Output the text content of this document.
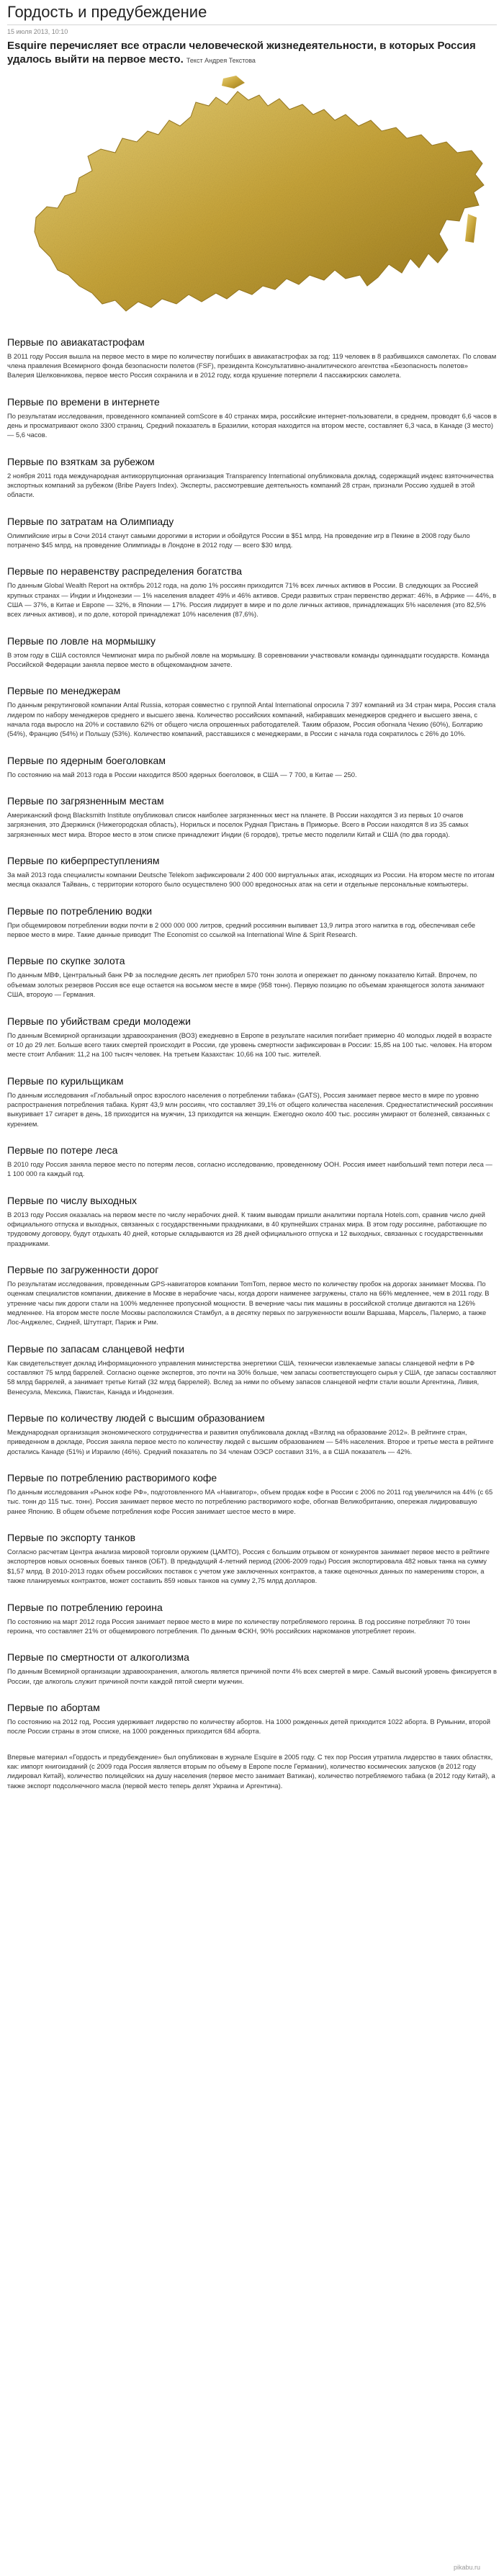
Гордость и предубеждение
15 июля 2013, 10:10

Esquire перечисляет все отрасли человеческой жизнедеятельности, в которых Россия удалось выйти на первое место. Текст Андрея Текстова

Первые по авиакатастрофам

В 2011 году Россия вышла на первое место в мире по количеству погибших в авиакатастрофах за год: 119 человек в 8 разбившихся самолетах. По словам члена правления Всемирного фонда безопасности полетов (FSF), президента Консультативно-аналитического агентства «Безопасность полетов» Валерия Шелковникова, первое место Россия сохранила и в 2012 году, когда крушение потерпели 4 пассажирских самолета.

Первые по времени в интернете

По результатам исследования, проведенного компанией comScore в 40 странах мира, российские интернет-пользователи, в среднем, проводят 6,6 часов в день и просматривают около 3300 страниц. Средний показатель в Бразилии, которая находится на втором месте, составляет 6,3 часа, в Канаде (3 место) — 5,6 часов.

Первые по взяткам за рубежом

2 ноября 2011 года международная антикоррупционная организация Transparency International опубликовала доклад, содержащий индекс взяточничества экспортных компаний за рубежом (Bribe Payers Index). Эксперты, рассмотревшие деятельность компаний 28 стран, признали Россию худшей в этой области.

Первые по затратам на Олимпиаду

Олимпийские игры в Сочи 2014 станут самыми дорогими в истории и обойдутся России в $51 млрд. На проведение игр в Пекине в 2008 году было потрачено $45 млрд, на проведение Олимпиады в Лондоне в 2012 году — всего $30 млрд.

Первые по неравенству распределения богатства

По данным Global Wealth Report на октябрь 2012 года, на долю 1% россиян приходится 71% всех личных активов в России. В следующих за Россией крупных странах — Индии и Индонезии — 1% населения владеет 49% и 46% активов. Среди развитых стран первенство держат: 46%, в Африке — 44%, в США — 37%, в Китае и Европе — 32%, в Японии — 17%. Россия лидирует в мире и по доле личных активов, принадлежащих 5% населения (это 82,5% всех личных активов), и по доле, которой принадлежат 10% населения (87,6%).

Первые по ловле на мормышку

В этом году в США состоялся Чемпионат мира по рыбной ловле на мормышку. В соревновании участвовали команды одиннадцати государств. Команда Российской Федерации заняла первое место в общекомандном зачете.

Первые по менеджерам

По данным рекрутинговой компании Antal Russia, которая совместно с группой Antal International опросила 7 397 компаний из 34 стран мира, Россия стала лидером по набору менеджеров среднего и высшего звена. Количество российских компаний, набиравших менеджеров среднего и высшего звена, с начала года выросло на 20% и составило 62% от общего числа опрошенных работодателей. Таким образом, Россия обогнала Чехию (60%), Болгарию (54%), Францию (54%) и Польшу (53%). Количество компаний, расставшихся с менеджерами, в России с начала года сократилось с 26% до 10%.

Первые по ядерным боеголовкам

По состоянию на май 2013 года в России находится 8500 ядерных боеголовок, в США — 7 700, в Китае — 250.

Первые по загрязненным местам

Американский фонд Blacksmith Institute опубликовал список наиболее загрязненных мест на планете. В России находятся 3 из первых 10 очагов загрязнения, это Дзержинск (Нижегородская область), Норильск и поселок Рудная Пристань в Приморье. Всего в России находятся 8 из 35 самых загрязненных мест мира. Второе место в этом списке принадлежит Индии (6 городов), третье место поделили Китай и США (по два города).

Первые по киберпреступлениям

За май 2013 года специалисты компании Deutsche Telekom зафиксировали 2 400 000 виртуальных атак, исходящих из России. На втором месте по итогам месяца оказался Тайвань, с территории которого было осуществлено 900 000 вредоносных атак на сети и отдельные персональные компьютеры.

Первые по потреблению водки

При общемировом потреблении водки почти в 2 000 000 000 литров, средний россиянин выпивает 13,9 литра этого напитка в год, обеспечивая себе первое место в мире. Такие данные приводит The Economist со ссылкой на International Wine & Spirit Research.

Первые по скупке золота

По данным МВФ, Центральный банк РФ за последние десять лет приобрел 570 тонн золота и опережает по данному показателю Китай. Впрочем, по объемам золотых резервов Россия все еще остается на восьмом месте в мире (958 тонн). Первую позицию по объемам хранящегося золота занимают США, второую — Германия.

Первые по убийствам среди молодежи

По данным Всемирной организации здравоохранения (ВОЗ) ежедневно в Европе в результате насилия погибает примерно 40 молодых людей в возрасте от 10 до 29 лет. Больше всего таких смертей происходит в России, где уровень смертности зафиксирован в России: 15,85 на 100 тыс. человек. На втором месте стоит Албания: 11,2 на 100 тысяч человек. На третьем Казахстан: 10,66 на 100 тыс. жителей.

Первые по курильщикам

По данным исследования «Глобальный опрос взрослого населения о потреблении табака» (GATS), Россия занимает первое место в мире по уровню распространения потребления табака. Курят 43,9 млн россиян, что составляет 39,1% от общего количества населения. Среднестатистический россиянин выкуривает 17 сигарет в день, 18 приходится на мужчин, 13 приходится на женщин. Ежегодно около 400 тыс. россиян умирают от болезней, связанных с курением.

Первые по потере леса

В 2010 году Россия заняла первое место по потерям лесов, согласно исследованию, проведенному ООН. Россия имеет наибольший темп потери леса — 1 100 000 га каждый год.

Первые по числу выходных

В 2013 году Россия оказалась на первом месте по числу нерабочих дней. К таким выводам пришли аналитики портала Hotels.com, сравнив число дней официального отпуска и выходных, связанных с государственными праздниками, в 40 крупнейших странах мира. В этом году россияне, работающие по трудовому договору, будут отдыхать 40 дней, которые складываются из 28 дней официального отпуска и 12 выходных, связанных с государственными праздниками.

Первые по загруженности дорог

По результатам исследования, проведенным GPS-навигаторов компании TomTom, первое место по количеству пробок на дорогах занимает Москва. По оценкам специалистов компании, движение в Москве в нерабочие часы, когда дороги наименее загружены, стало на 66% медленнее, чем в 2011 году. В утренние часы пик дороги стали на 100% медленнее пропускной мощности. В вечерние часы пик машины в российской столице двигаются на 126% медленнее. На втором месте после Москвы расположился Стамбул, а в десятку первых по загруженности вошли Варшава, Марсель, Палермо, а также Лос-Анджелес, Сидней, Штутгарт, Париж и Рим.

Первые по запасам сланцевой нефти

Как свидетельствует доклад Информационного управления министерства энергетики США, технически извлекаемые запасы сланцевой нефти в РФ составляют 75 млрд баррелей. Согласно оценке экспертов, это почти на 30% больше, чем запасы соответствующего сырья у США, где запасы составляют 58 млрд баррелей, а занимает третье Китай (32 млрд баррелей). Вслед за ними по объему запасов сланцевой нефти стали вошли Аргентина, Ливия, Венесуэла, Мексика, Пакистан, Канада и Индонезия.

Первые по количеству людей с высшим образованием

Международная организация экономического сотрудничества и развития опубликовала доклад «Взгляд на образование 2012». В рейтинге стран, приведенном в докладе, Россия заняла первое место по количеству людей с высшим образованием — 54% населения. Второе и третье места в рейтинге достались Канаде (51%) и Израилю (46%). Средний показатель по 34 членам ОЭСР составил 31%, а в США показатель — 42%.

Первые по потреблению растворимого кофе

По данным исследования «Рынок кофе РФ», подготовленного МА «Навигатор», объем продаж кофе в России с 2006 по 2011 год увеличился на 44% (с 65 тыс. тонн до 115 тыс. тонн). Россия занимает первое место по потреблению растворимого кофе, обогнав Великобританию, опережая лидировавшую ранее Японию. В общем объеме потребления кофе Россия занимает шестое место в мире.

Первые по экспорту танков

Согласно расчетам Центра анализа мировой торговли оружием (ЦАМТО), Россия с большим отрывом от конкурентов занимает первое место в рейтинге экспортеров новых основных боевых танков (ОБТ). В предыдущий 4-летний период (2006-2009 годы) Россия экспортировала 482 новых танка на сумму $1,57 млрд. В 2010-2013 годах объем российских поставок с учетом уже заключенных контрактов, а также оценочных данных по намерениям сторон, а также планируемых контрактов, может составить 859 новых танков на сумму 2,75 млрд долларов.

Первые по потреблению героина

По состоянию на март 2012 года Россия занимает первое место в мире по количеству потребляемого героина. В год россияне потребляют 70 тонн героина, что составляет 21% от общемирового потребления. По данным ФСКН, 90% российских наркоманов употребляет героин.

Первые по смертности от алкоголизма

По данным Всемирной организации здравоохранения, алкоголь является причиной почти 4% всех смертей в мире. Самый высокий уровень фиксируется в России, где алкоголь служит причиной почти каждой пятой смерти мужчин.

Первые по абортам

По состоянию на 2012 год, Россия удерживает лидерство по количеству абортов. На 1000 рожденных детей приходится 1022 аборта. В Румынии, второй после России страны в этом списке, на 1000 рожденных приходится 684 аборта.

Впервые материал «Гордость и предубеждение» был опубликован в журнале Esquire в 2005 году. С тех пор Россия утратила лидерство в таких областях, как: импорт книгоизданий (с 2009 года Россия является вторым по объему в Европе после Германии), количество космических запусков (в 2012 году лидировал Китай), количество полицейских на душу населения (первое место занимает Ватикан), количество потребляемого табака (в 2012 году Китай), а также экспорт подсолнечного масла (первой место теперь делят Украина и Аргентина).

pikabu.ru
